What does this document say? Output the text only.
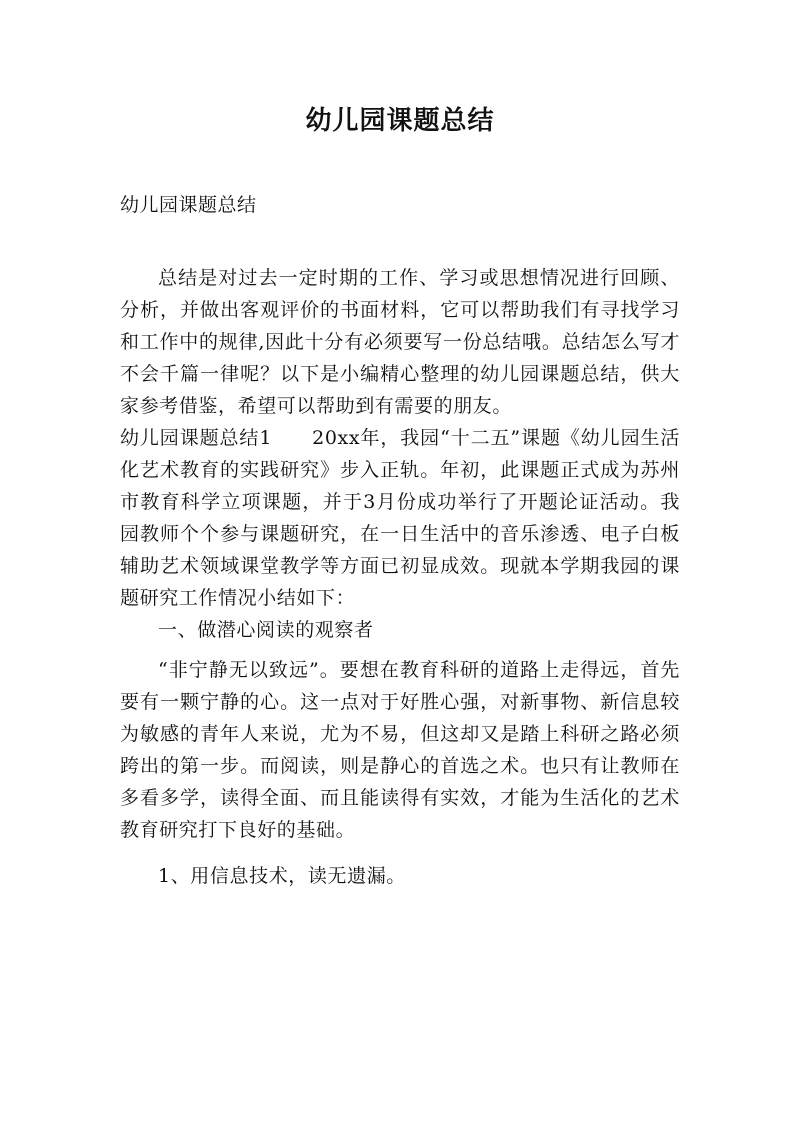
幼儿园课题总结
幼儿园课题总结

总结是对过去一定时期的工作、学习或思想情况进行回顾、分析，并做出客观评价的书面材料，它可以帮助我们有寻找学习和工作中的规律,因此十分有必须要写一份总结哦。总结怎么写才不会千篇一律呢？以下是小编精心整理的幼儿园课题总结，供大家参考借鉴，希望可以帮助到有需要的朋友。

幼儿园课题总结1　　20xx年，我园“十二五”课题《幼儿园生活化艺术教育的实践研究》步入正轨。年初，此课题正式成为苏州市教育科学立项课题，并于3月份成功举行了开题论证活动。我园教师个个参与课题研究，在一日生活中的音乐渗透、电子白板辅助艺术领域课堂教学等方面已初显成效。现就本学期我园的课题研究工作情况小结如下：

一、做潜心阅读的观察者

“非宁静无以致远”。要想在教育科研的道路上走得远，首先要有一颗宁静的心。这一点对于好胜心强，对新事物、新信息较为敏感的青年人来说，尤为不易，但这却又是踏上科研之路必须跨出的第一步。而阅读，则是静心的首选之术。也只有让教师在多看多学，读得全面、而且能读得有实效，才能为生活化的艺术教育研究打下良好的基础。

1、用信息技术，读无遗漏。
